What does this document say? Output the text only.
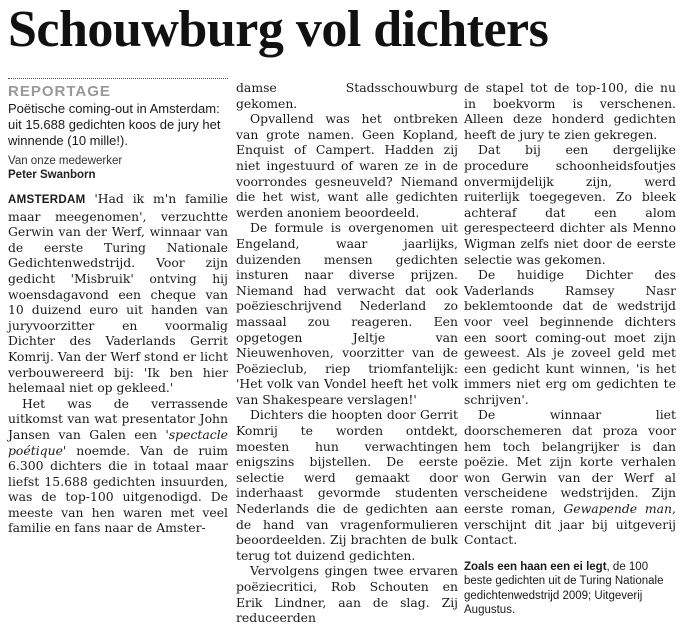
Schouwburg vol dichters
REPORTAGE
Poëtische coming-out in Amsterdam: uit 15.688 gedichten koos de jury het winnende (10 mille!).
Van onze medewerker
Peter Swanborn

AMSTERDAM 'Had ik m'n familie maar meegenomen', verzuchtte Gerwin van der Werf, winnaar van de eerste Turing Nationale Gedichtenwedstrijd. Voor zijn gedicht 'Misbruik' ontving hij woensdagavond een cheque van 10 duizend euro uit handen van juryvoorzitter en voormalig Dichter des Vaderlands Gerrit Komrij. Van der Werf stond er licht verbouwereerd bij: 'Ik ben hier helemaal niet op gekleed.'

Het was de verrassende uitkomst van wat presentator John Jansen van Galen een 'spectacle poétique' noemde. Van de ruim 6.300 dichters die in totaal maar liefst 15.688 gedichten insuurden, was de top-100 uitgenodigd. De meeste van hen waren met veel familie en fans naar de Amster-

damse Stadsschouwburg gekomen.

Opvallend was het ontbreken van grote namen. Geen Kopland, Enquist of Campert. Hadden zij niet ingestuurd of waren ze in de voorrondes gesneuveld? Niemand die het wist, want alle gedichten werden anoniem beoordeeld.

De formule is overgenomen uit Engeland, waar jaarlijks, duizenden mensen gedichten insturen naar diverse prijzen. Niemand had verwacht dat ook poëzieschrijvend Nederland zo massaal zou reageren. Een opgetogen Jeltje van Nieuwenhoven, voorzitter van de Poëzieclub, riep triomfantelijk: 'Het volk van Vondel heeft het volk van Shakespeare verslagen!'

Dichters die hoopten door Gerrit Komrij te worden ontdekt, moesten hun verwachtingen enigszins bijstellen. De eerste selectie werd gemaakt door inderhaast gevormde studenten Nederlands die de gedichten aan de hand van vragenformulieren beoordeelden. Zij brachten de bulk terug tot duizend gedichten.

Vervolgens gingen twee ervaren poëziecritici, Rob Schouten en Erik Lindner, aan de slag. Zij reduceerden

de stapel tot de top-100, die nu in boekvorm is verschenen. Alleen deze honderd gedichten heeft de jury te zien gekregen.

Dat bij een dergelijke procedure schoonheidsfoutjes onvermijdelijk zijn, werd ruiterlijk toegegeven. Zo bleek achteraf dat een alom gerespecteerd dichter als Menno Wigman zelfs niet door de eerste selectie was gekomen.

De huidige Dichter des Vaderlands Ramsey Nasr beklemtoonde dat de wedstrijd voor veel beginnende dichters een soort coming-out moet zijn geweest. Als je zoveel geld met een gedicht kunt winnen, 'is het immers niet erg om gedichten te schrijven'.

De winnaar liet doorschemeren dat proza voor hem toch belangrijker is dan poëzie. Met zijn korte verhalen won Gerwin van der Werf al verscheidene wedstrijden. Zijn eerste roman, Gewapende man, verschijnt dit jaar bij uitgeverij Contact.

Zoals een haan een ei legt, de 100 beste gedichten uit de Turing Nationale gedichtenwedstrijd 2009; Uitgeverij Augustus.
